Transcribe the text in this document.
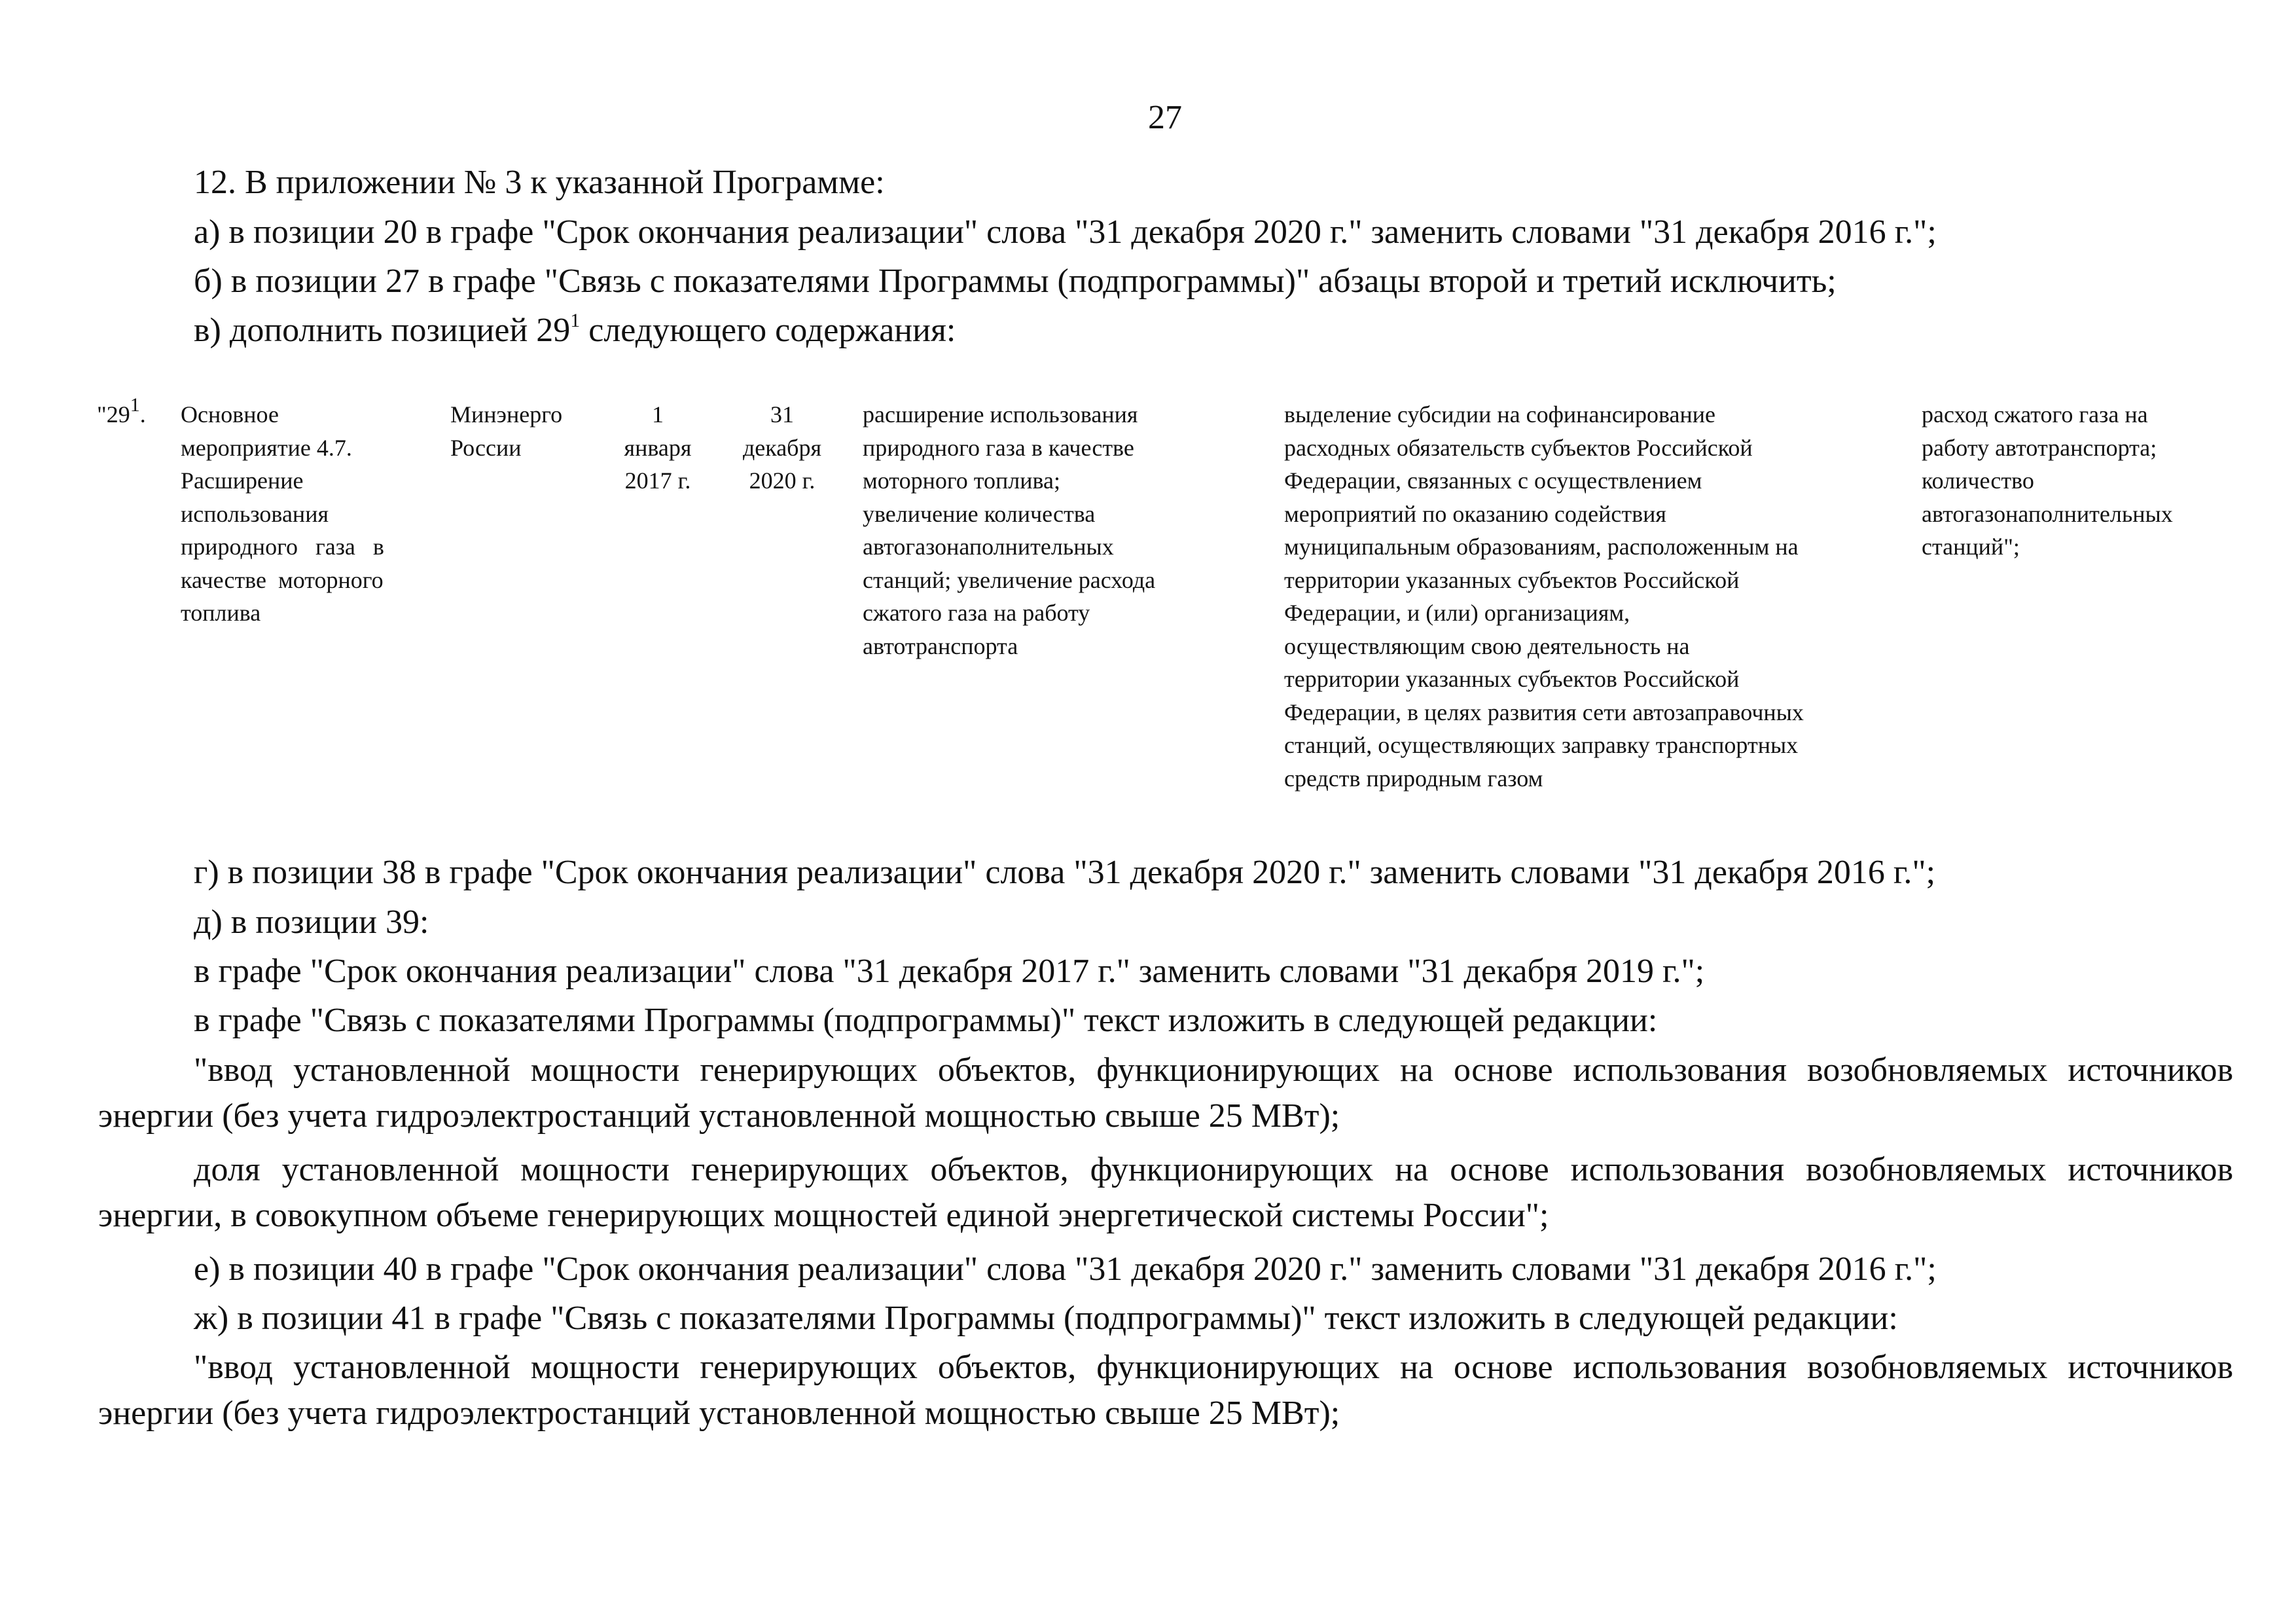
27
12. В приложении № 3 к указанной Программе:
а) в позиции 20 в графе "Срок окончания реализации" слова "31 декабря 2020 г." заменить словами "31 декабря 2016 г.";
б) в позиции 27 в графе "Связь с показателями Программы (подпрограммы)" абзацы второй и третий исключить;
в) дополнить позицией $29^1$ следующего содержания:
"$29^1$. Основное
мероприятие 4.7.
Расширение
использования
природного   газа   в
качестве  моторного
топлива
Минэнерго
России
1
января
2017 г.
31
декабря
2020 г.
расширение использования
природного газа в качестве
моторного топлива;
увеличение количества
автогазонаполнительных
станций; увеличение расхода
сжатого газа на работу
автотранспорта
выделение субсидии на софинансирование
расходных обязательств субъектов Российской
Федерации, связанных с осуществлением
мероприятий по оказанию содействия
муниципальным образованиям, расположенным на
территории указанных субъектов Российской
Федерации, и (или) организациям,
осуществляющим свою деятельность на
территории указанных субъектов Российской
Федерации, в целях развития сети автозаправочных
станций, осуществляющих заправку транспортных
средств природным газом
расход сжатого газа на
работу автотранспорта;
количество
автогазонаполнительных
станций";
г) в позиции 38 в графе "Срок окончания реализации" слова "31 декабря 2020 г." заменить словами "31 декабря 2016 г.";
д) в позиции 39:
в графе "Срок окончания реализации" слова "31 декабря 2017 г." заменить словами "31 декабря 2019 г.";
в графе "Связь с показателями Программы (подпрограммы)" текст изложить в следующей редакции:
"ввод установленной мощности генерирующих объектов, функционирующих на основе использования возобновляемых источников энергии (без учета гидроэлектростанций установленной мощностью свыше 25 МВт);
доля установленной мощности генерирующих объектов, функционирующих на основе использования возобновляемых источников энергии, в совокупном объеме генерирующих мощностей единой энергетической системы России";
е) в позиции 40 в графе "Срок окончания реализации" слова "31 декабря 2020 г." заменить словами "31 декабря 2016 г.";
ж) в позиции 41 в графе "Связь с показателями Программы (подпрограммы)" текст изложить в следующей редакции:
"ввод установленной мощности генерирующих объектов, функционирующих на основе использования возобновляемых источников энергии (без учета гидроэлектростанций установленной мощностью свыше 25 МВт);
